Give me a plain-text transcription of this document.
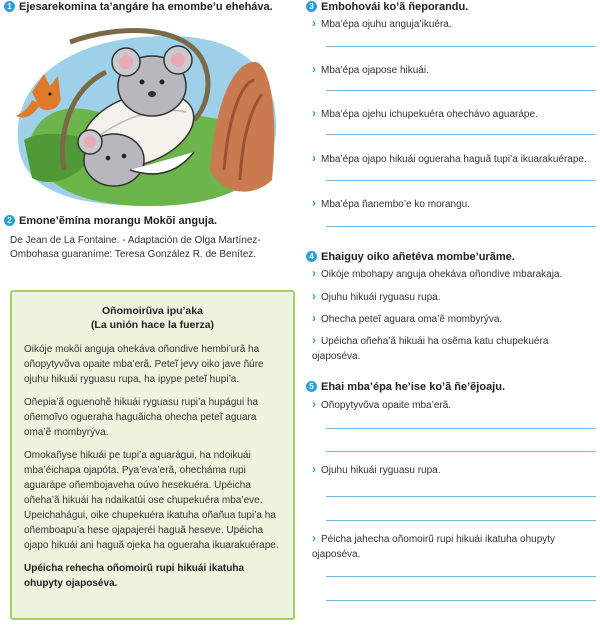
1 Ejesarekomina ta’angáre ha emombe’u eheháva.
2 Emone’ẽmína morangu Mokõi anguja.
De Jean de La Fontaine. - Adaptación de Olga Martínez- Ombohasa guaraníme: Teresa González R. de Benítez.
Oñomoirũva ipu’aka
(La unión hace la fuerza)

Oikóje mokõi anguja ohekáva oñondive hembi’urã ha oñopytyvõva opaite mba’erã. Peteĩ jevy oiko jave ñúre ojuhu hikuái ryguasu rupa, ha ipype peteĩ hupi’a.

Oñepia’ã oguenohẽ hikuái ryguasu rupi’a hupágui ha oñemoĩvo ogueraha haguãicha ohecha peteĩ aguara oma’ẽ mombyrýva.

Omokañyse hikuái pe tupi’a aguarágui, ha ndoikuái mba’éichapa ojapóta. Pya’eva’erã, ohecháma rupi aguarápe oñembojaveha oúvo hesekuéra. Upéicha oñeha’ã hikuái ha ndaikatúi ose chupekuéra mba’eve. Upeichahágui, oike chupekuéra ikatuha oñañua tupi’a ha oñemboapu’a hese ojapajeréi haguã heseve. Upéicha ojapo hikuái ani haguã ojeka ha ogueraha ikuarakuérape.

Upéicha rehecha oñomoirũ rupi hikuái ikatuha ohupyty ojaposéva.

3 Embohovái ko’ã ñeporandu.
› Mba’épa ojuhu anguja’ikuéra.
› Mba’épa ojapose hikuái.
› Mba’épa ojehu ichupekuéra ohecháνo aguarápe.
› Mba’épa ojapo hikuái ogueraha haguã tupi’a ikuarakuérape.
› Mba’épa ñanembo’e ko morangu.
4 Ehaiguy oiko añetéva mombe’urãme.
› Oikóje mbohapy anguja ohekáva oñondive mbarakaja.
› Ojuhu hikuái ryguasu rupa.
› Ohecha peteĩ aguara oma’ẽ mombyrýva.
› Upéicha oñeha’ã hikuái ha osẽma katu chupekuéra ojaposéva.
5 Ehai mba’épa he’ise ko’ã ñe’ẽjoaju.
› Oñopytyvõva opaite mba’erã.
› Ojuhu hikuái ryguasu rupa.
› Péicha jahecha oñomoirũ rupi hikuái ikatuha ohupyty ojaposéva.
